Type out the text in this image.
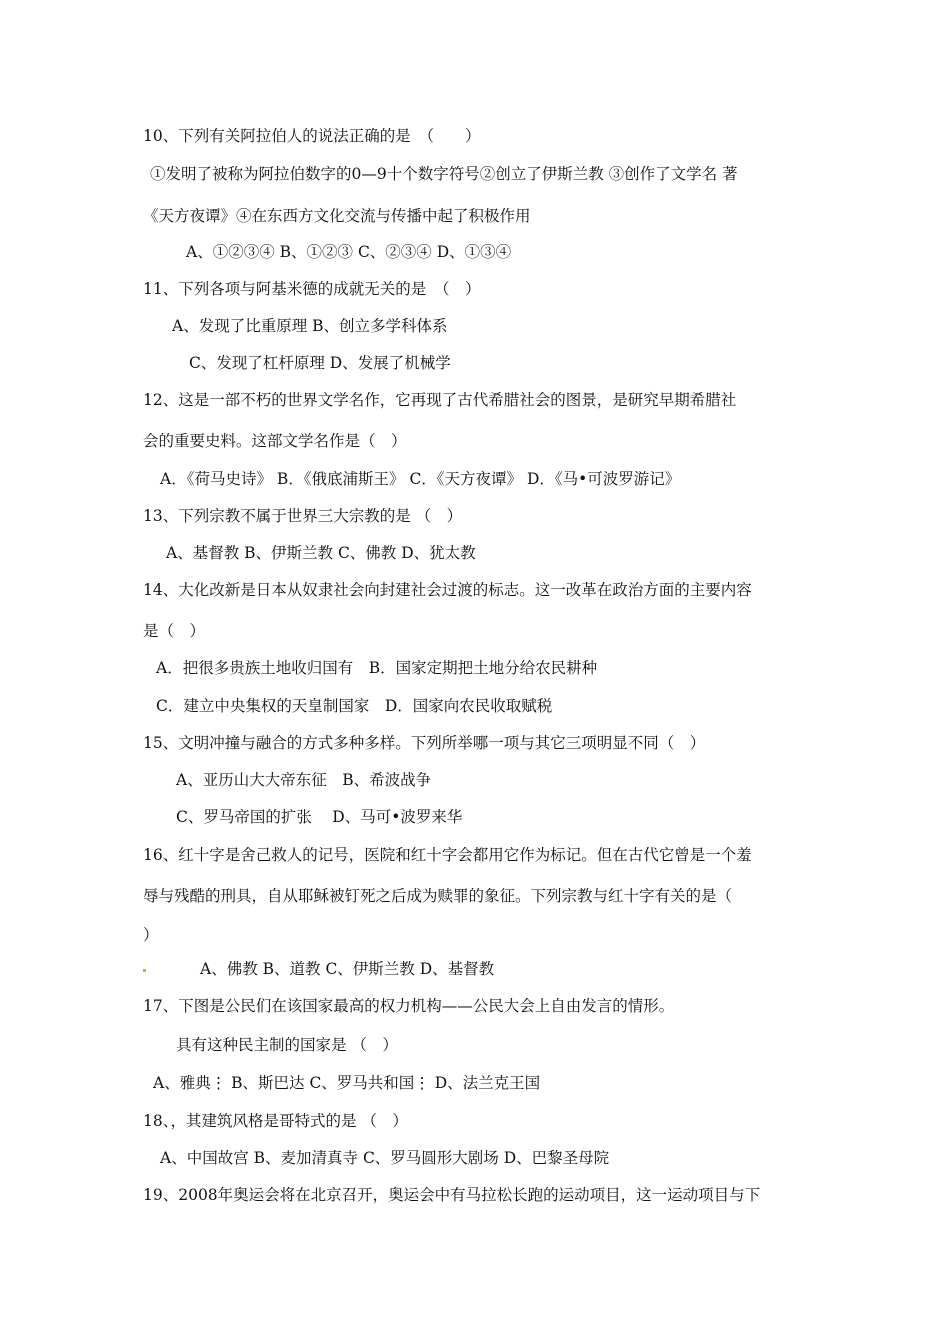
10、下列有关阿拉伯人的说法正确的是　（　　）
①发明了被称为阿拉伯数字的0—9十个数字符号②创立了伊斯兰教 ③创作了文学名 著
《天方夜谭》④在东西方文化交流与传播中起了积极作用
A、①②③④ B、①②③ C、②③④ D、①③④
11、下列各项与阿基米德的成就无关的是　（　）
A、发现了比重原理 B、创立多学科体系
C、发现了杠杆原理 D、发展了机械学
12、这是一部不朽的世界文学名作，它再现了古代希腊社会的图景，是研究早期希腊社
会的重要史料。这部文学名作是（　）
A．《荷马史诗》 B．《俄底浦斯王》 C．《天方夜谭》 D．《马•可波罗游记》
13、下列宗教不属于世界三大宗教的是 （　）
A、基督教 B、伊斯兰教 C、佛教 D、犹太教
14、大化改新是日本从奴隶社会向封建社会过渡的标志。这一改革在政治方面的主要内容
是（　）
A．把很多贵族土地收归国有　B．国家定期把土地分给农民耕种
C．建立中央集权的天皇制国家　D．国家向农民收取赋税
15、文明冲撞与融合的方式多种多样。下列所举哪一项与其它三项明显不同（　）
A、亚历山大大帝东征　B、希波战争
C、罗马帝国的扩张　 D、马可•波罗来华
16、红十字是舍己救人的记号，医院和红十字会都用它作为标记。但在古代它曾是一个羞
辱与残酷的刑具，自从耶稣被钉死之后成为赎罪的象征。下列宗教与红十字有关的是（
）
A、佛教 B、道教 C、伊斯兰教 D、基督教
17、下图是公民们在该国家最高的权力机构——公民大会上自由发言的情形。
具有这种民主制的国家是 （　）
A、雅典⋮ B、斯巴达 C、罗马共和国⋮ D、法兰克王国
18、，其建筑风格是哥特式的是 （　）
A、中国故宫 B、麦加清真寺 C、罗马圆形大剧场 D、巴黎圣母院
19、2008年奥运会将在北京召开，奥运会中有马拉松长跑的运动项目，这一运动项目与下
